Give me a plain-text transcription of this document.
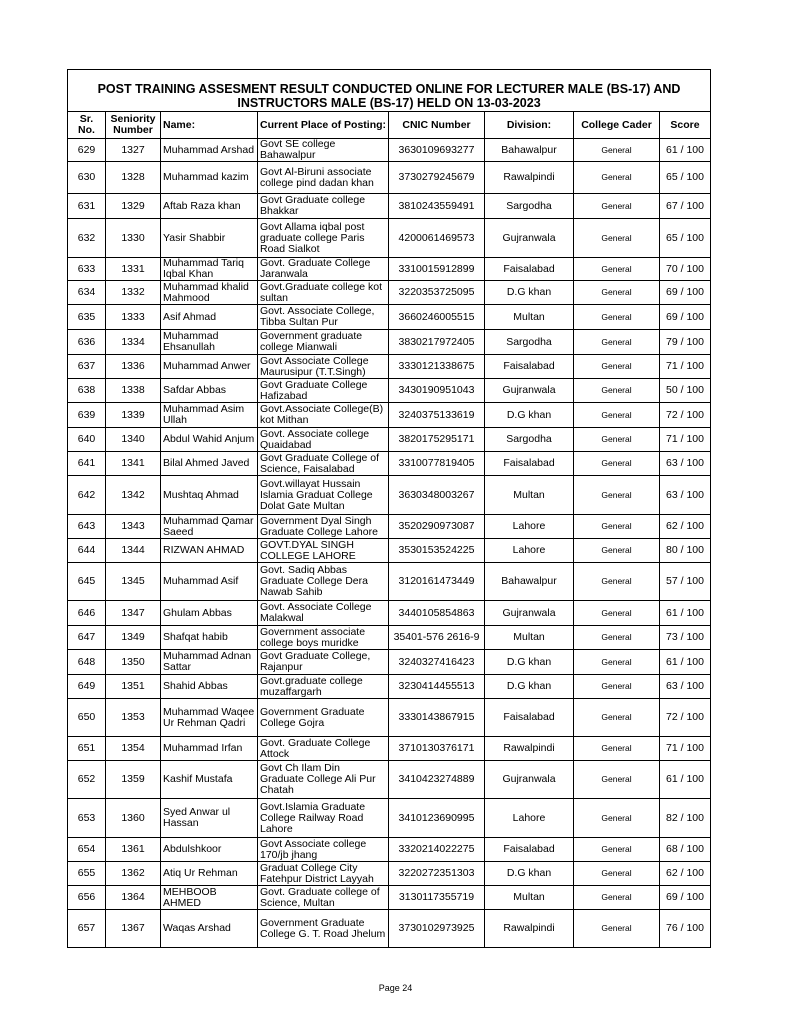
POST TRAINING ASSESMENT RESULT CONDUCTED ONLINE FOR LECTURER MALE (BS-17) AND
INSTRUCTORS MALE (BS-17) HELD ON 13-03-2023							

Sr. No.	Seniority Number	Name:	Current Place of Posting:	CNIC Number	Division:	College Cader	Score
629	1327	Muhammad Arshad	Govt SE college Bahawalpur	3630109693277	Bahawalpur	General	61 / 100
630	1328	Muhammad kazim	Govt Al-Biruni associate college pind dadan khan	3730279245679	Rawalpindi	General	65 / 100
631	1329	Aftab Raza khan	Govt Graduate college Bhakkar	3810243559491	Sargodha	General	67 / 100
632	1330	Yasir Shabbir	Govt Allama iqbal post graduate college Paris Road Sialkot	4200061469573	Gujranwala	General	65 / 100
633	1331	Muhammad Tariq Iqbal Khan	Govt. Graduate College Jaranwala	3310015912899	Faisalabad	General	70 / 100
634	1332	Muhammad khalid Mahmood	Govt.Graduate college kot sultan	3220353725095	D.G khan	General	69 / 100
635	1333	Asif Ahmad	Govt. Associate College, Tibba Sultan Pur	3660246005515	Multan	General	69 / 100
636	1334	Muhammad Ehsanullah	Government graduate college Mianwali	3830217972405	Sargodha	General	79 / 100
637	1336	Muhammad Anwer	Govt Associate College Maurusipur (T.T.Singh)	3330121338675	Faisalabad	General	71 / 100
638	1338	Safdar Abbas	Govt Graduate College Hafizabad	3430190951043	Gujranwala	General	50 / 100
639	1339	Muhammad Asim Ullah	Govt.Associate College(B) kot Mithan	3240375133619	D.G khan	General	72 / 100
640	1340	Abdul Wahid Anjum	Govt. Associate college Quaidabad	3820175295171	Sargodha	General	71 / 100
641	1341	Bilal Ahmed Javed	Govt Graduate College of Science, Faisalabad	3310077819405	Faisalabad	General	63 / 100
642	1342	Mushtaq Ahmad	Govt.willayat Hussain Islamia Graduat College Dolat Gate Multan	3630348003267	Multan	General	63 / 100
643	1343	Muhammad Qamar Saeed	Government Dyal Singh Graduate College Lahore	3520290973087	Lahore	General	62 / 100
644	1344	RIZWAN AHMAD	GOVT.DYAL SINGH COLLEGE LAHORE	3530153524225	Lahore	General	80 / 100
645	1345	Muhammad Asif	Govt. Sadiq Abbas Graduate College Dera Nawab Sahib	3120161473449	Bahawalpur	General	57 / 100
646	1347	Ghulam Abbas	Govt. Associate College Malakwal	3440105854863	Gujranwala	General	61 / 100
647	1349	Shafqat habib	Government associate college boys muridke	35401-576 2616-9	Multan	General	73 / 100
648	1350	Muhammad Adnan Sattar	Govt Graduate College, Rajanpur	3240327416423	D.G khan	General	61 / 100
649	1351	Shahid Abbas	Govt.graduate college muzaffargarh	3230414455513	D.G khan	General	63 / 100
650	1353	Muhammad Waqee Ur Rehman Qadri	Government Graduate College Gojra	3330143867915	Faisalabad	General	72 / 100
651	1354	Muhammad Irfan	Govt. Graduate College Attock	3710130376171	Rawalpindi	General	71 / 100
652	1359	Kashif Mustafa	Govt Ch Ilam Din Graduate College Ali Pur Chatah	3410423274889	Gujranwala	General	61 / 100
653	1360	Syed Anwar ul Hassan	Govt.Islamia Graduate College Railway Road Lahore	3410123690995	Lahore	General	82 / 100
654	1361	Abdulshkoor	Govt Associate college 170/jb jhang	3320214022275	Faisalabad	General	68 / 100
655	1362	Atiq Ur Rehman	Graduat College City Fatehpur District Layyah	3220272351303	D.G khan	General	62 / 100
656	1364	MEHBOOB AHMED	Govt. Graduate college of Science, Multan	3130117355719	Multan	General	69 / 100
657	1367	Waqas Arshad	Government Graduate College G. T. Road Jhelum	3730102973925	Rawalpindi	General	76 / 100
Page 24
